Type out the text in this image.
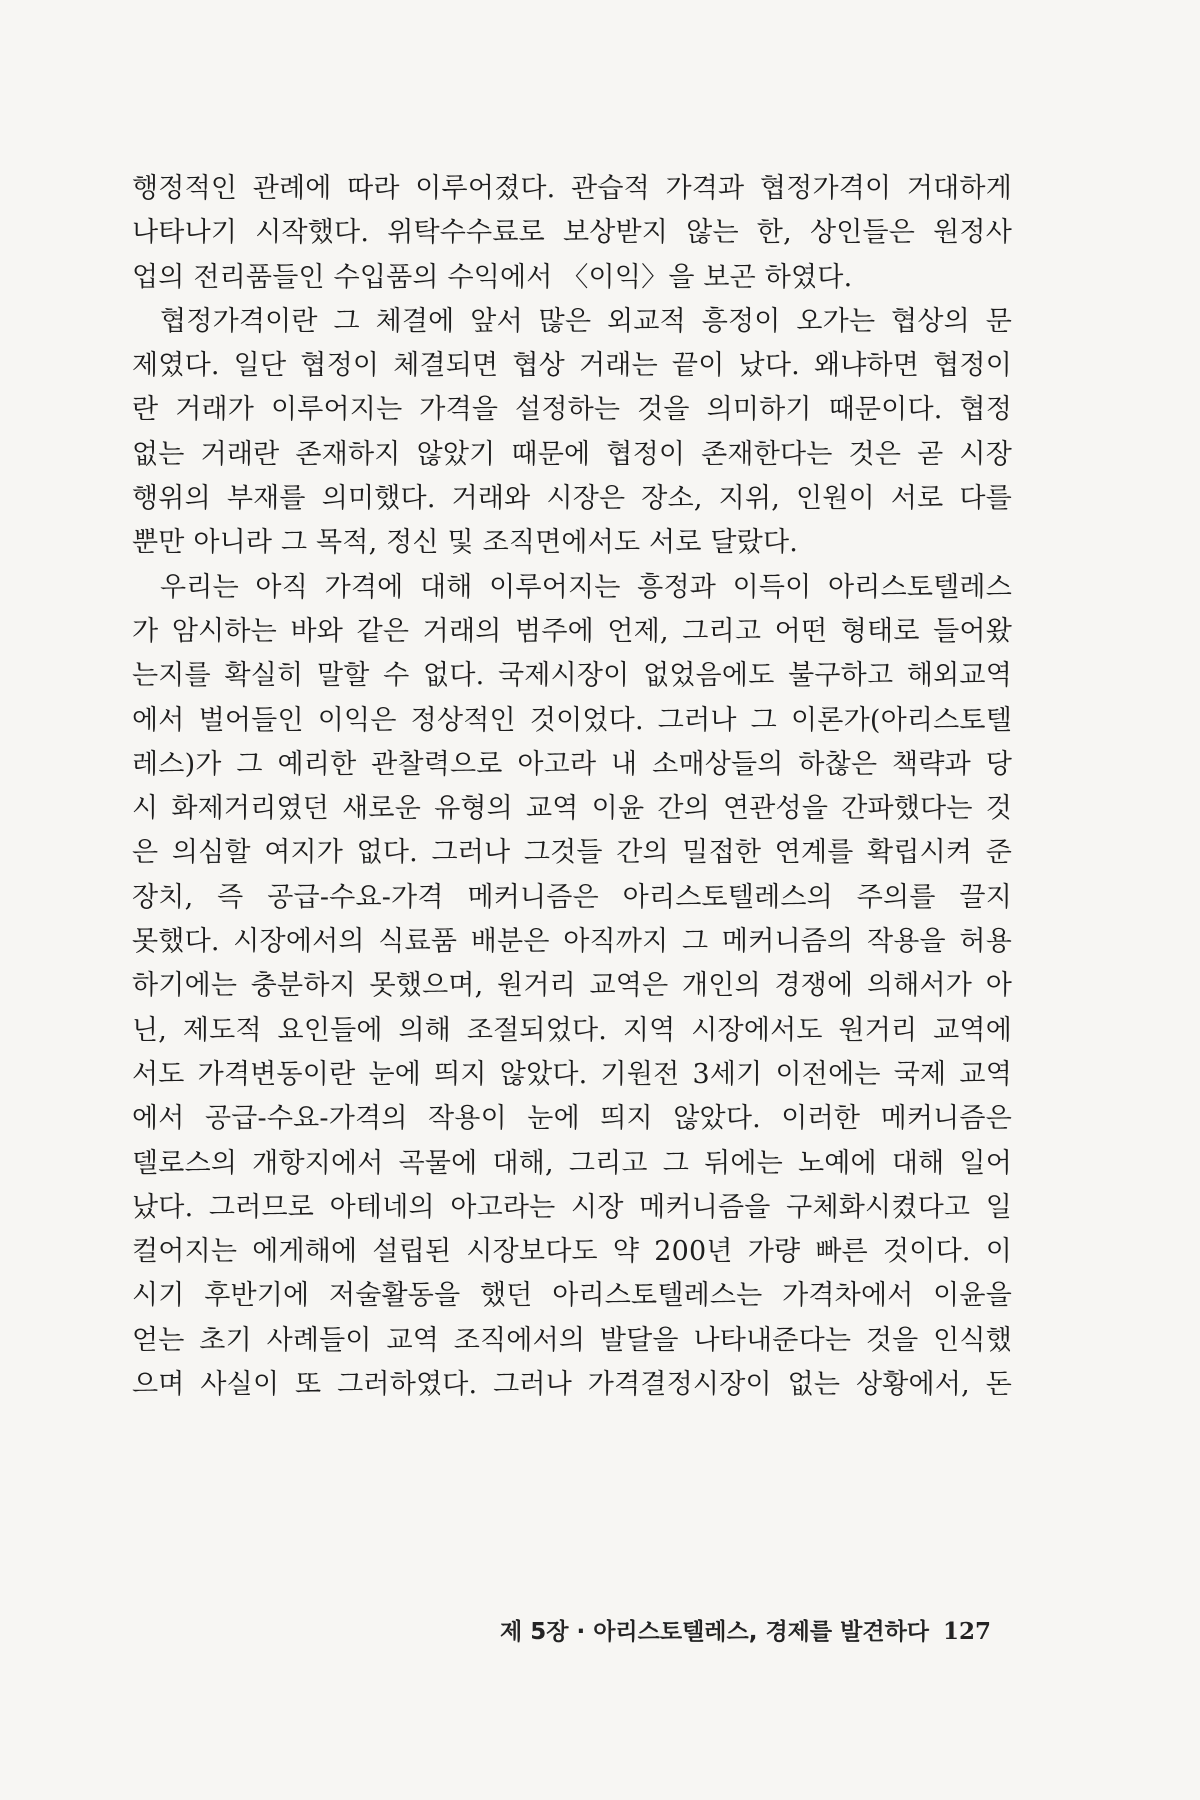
행정적인 관례에 따라 이루어졌다. 관습적 가격과 협정가격이 거대하게
나타나기 시작했다. 위탁수수료로 보상받지 않는 한, 상인들은 원정사
업의 전리품들인 수입품의 수익에서 〈이익〉을 보곤 하였다.
협정가격이란 그 체결에 앞서 많은 외교적 흥정이 오가는 협상의 문
제였다. 일단 협정이 체결되면 협상 거래는 끝이 났다. 왜냐하면 협정이
란 거래가 이루어지는 가격을 설정하는 것을 의미하기 때문이다. 협정
없는 거래란 존재하지 않았기 때문에 협정이 존재한다는 것은 곧 시장
행위의 부재를 의미했다. 거래와 시장은 장소, 지위, 인원이 서로 다를
뿐만 아니라 그 목적, 정신 및 조직면에서도 서로 달랐다.
우리는 아직 가격에 대해 이루어지는 흥정과 이득이 아리스토텔레스
가 암시하는 바와 같은 거래의 범주에 언제, 그리고 어떤 형태로 들어왔
는지를 확실히 말할 수 없다. 국제시장이 없었음에도 불구하고 해외교역
에서 벌어들인 이익은 정상적인 것이었다. 그러나 그 이론가(아리스토텔
레스)가 그 예리한 관찰력으로 아고라 내 소매상들의 하찮은 책략과 당
시 화제거리였던 새로운 유형의 교역 이윤 간의 연관성을 간파했다는 것
은 의심할 여지가 없다. 그러나 그것들 간의 밀접한 연계를 확립시켜 준
장치, 즉 공급-수요-가격 메커니즘은 아리스토텔레스의 주의를 끌지
못했다. 시장에서의 식료품 배분은 아직까지 그 메커니즘의 작용을 허용
하기에는 충분하지 못했으며, 원거리 교역은 개인의 경쟁에 의해서가 아
닌, 제도적 요인들에 의해 조절되었다. 지역 시장에서도 원거리 교역에
서도 가격변동이란 눈에 띄지 않았다. 기원전 3세기 이전에는 국제 교역
에서 공급-수요-가격의 작용이 눈에 띄지 않았다. 이러한 메커니즘은
델로스의 개항지에서 곡물에 대해, 그리고 그 뒤에는 노예에 대해 일어
났다. 그러므로 아테네의 아고라는 시장 메커니즘을 구체화시켰다고 일
컬어지는 에게해에 설립된 시장보다도 약 200년 가량 빠른 것이다. 이
시기 후반기에 저술활동을 했던 아리스토텔레스는 가격차에서 이윤을
얻는 초기 사례들이 교역 조직에서의 발달을 나타내준다는 것을 인식했
으며 사실이 또 그러하였다. 그러나 가격결정시장이 없는 상황에서, 돈
제 5장 · 아리스토텔레스, 경제를 발견하다 127
